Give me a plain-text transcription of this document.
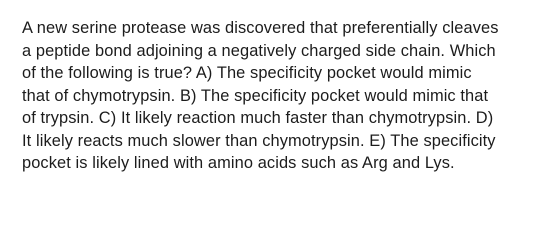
A new serine protease was discovered that preferentially cleaves
a peptide bond adjoining a negatively charged side chain. Which
of the following is true? A) The specificity pocket would mimic
that of chymotrypsin. B) The specificity pocket would mimic that
of trypsin. C) It likely reaction much faster than chymotrypsin. D)
It likely reacts much slower than chymotrypsin. E) The specificity
pocket is likely lined with amino acids such as Arg and Lys.
